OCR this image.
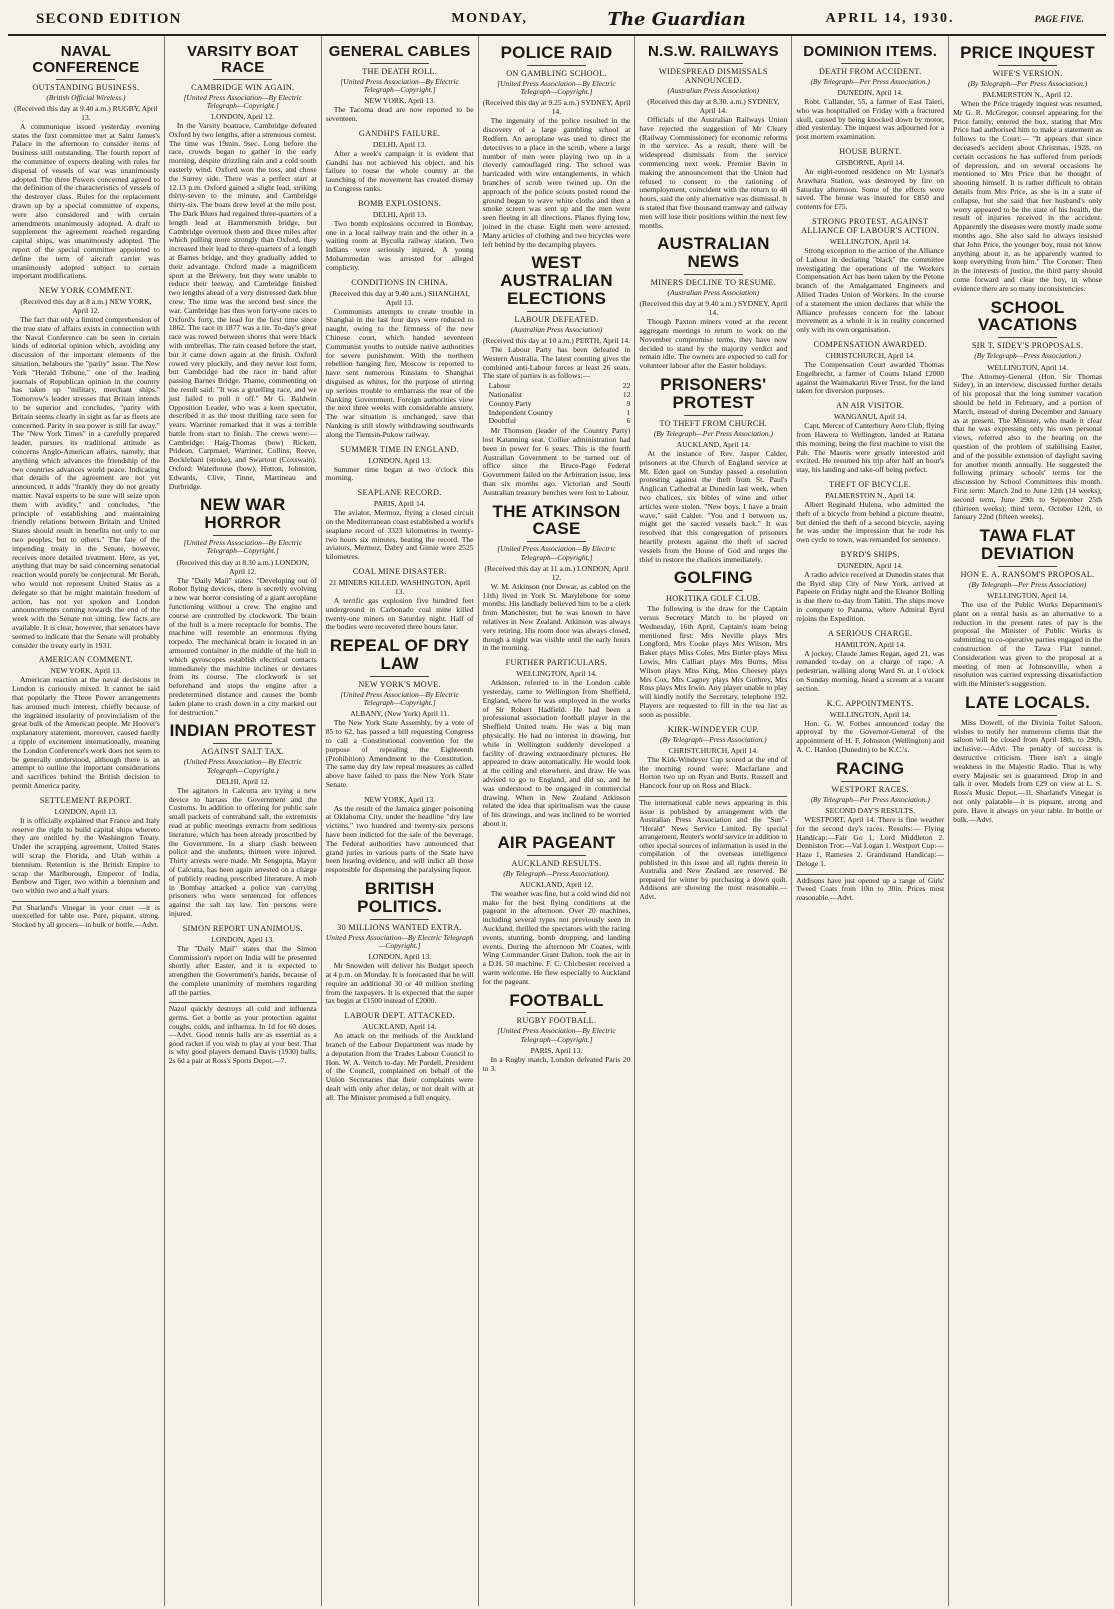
SECOND EDITION	MONDAY,	The Guardian	APRIL 14, 1930.	PAGE FIVE.
NAVAL CONFERENCE
OUTSTANDING BUSINESS.
(British Official Wireless.)
(Received this day at 9.40 a.m.) RUGBY, April 13.

A communique issued yesterday evening states the first committee met at Saint James's Palace in the afternoon to consider items of business still outstanding. The fourth report of the committee of experts dealing with rules for disposal of vessels of war was unanimously adopted. The three Powers concerned agreed to the definition of the characteristics of vessels of the destroyer class. Rules for the replacement drawn up by a special committee of experts, were also considered and with certain amendments unanimously adopted. A draft to supplement the agreement reached regarding capital ships, was unanimously adopted. The report of the special committee appointed to define the term of aircraft carrier was unanimously adopted subject to certain important modifications.

NEW YORK COMMENT.
(Received this day at 8 a.m.) NEW YORK, April 12.

The fact that only a limited comprehension of the true state of affairs exists in connection with the Naval Conference can be seen in certain kinds of editorial opinion which, avoiding any discussion of the important elements of the situation, belabours the "parity" issue. The New York "Herald Tribune," one of the leading journals of Republican opinion in the country has taken up "military, merchant ships." Tomorrow's leader stresses that Britain intends to be superior and concludes, "parity with Britain seems clearly in sight as far as fleets are concerned. Parity in sea power is still far away." The "New York Times" in a carefully prepared leader, pursues its traditional attitude as concerns Anglo-American affairs, namely, that anything which advances the friendship of the two countries advances world peace. Indicating that details of the agreement are not yet announced, it adds "frankly they do not greatly matter. Naval experts to be sure will seize upon them with avidity," and concludes, "the principle of establishing and maintaining friendly relations between Britain and United States should result in benefits not only to our two peoples, but to others." The fate of the impending treaty in the Senate, however, receives more detailed treatment. Here, as yet, anything that may be said concerning senatorial reaction would purely be conjectural. Mr Borah, who would not represent United States as a delegate so that he might maintain freedom of action, has not yet spoken and London announcements coming towards the end of the week with the Senate not sitting, few facts are available. It is clear, however, that senators have seemed to indicate that the Senate will probably consider the treaty early in 1931.

AMERICAN COMMENT.
NEW YORK, April 13.

American reaction at the naval decisions in London is curiously mixed. It cannot be said that popularly the Three Power arrangements has aroused much interest, chiefly because of the ingrained insularity of provincialism of the great bulk of the American people. Mr Hoover's explanatory statement, moreover, caused hardly a ripple of excitement internationally, meaning the London Conference's work does not seem to be generally understood, although there is an attempt to outline the important considerations and sacrifices behind the British decision to permit America parity.

SETTLEMENT REPORT.
LONDON, April 13.

It is officially explained that France and Italy reserve the right to build capital ships whereto they are entitled by the Washington Treaty. Under the scrapping agreement, United States will scrap the Florida, and Utah within a biennium. Retention is the British Empire to scrap the Marlborough, Emperor of India, Benbow and Tiger, two within a biennium and two within two and a half years.

Put Sharland's Vinegar in your cruet —it is unexcelled for table use. Pure, piquant, strong. Stocked by all grocers—in bulk or bottle.—Advt.
VARSITY BOAT RACE
CAMBRIDGE WIN AGAIN.
[United Press Association—By Electric Telegraph—Copyright.]
LONDON, April 12.

In the Varsity boatrace, Cambridge defeated Oxford by two lengths, after a strenuous contest. The time was 19min. 9sec. Long before the race, crowds began to gather in the early morning, despite drizzling rain and a cold south easterly wind. Oxford won the toss, and chose the Surrey side. There was a perfect start at 12.13 p.m. Oxford gained a slight lead, striking thirty-seven to the minute, and Cambridge thirty-six. The boats drew level at the mile post. The Dark Blues had regained three-quarters of a length lead at Hammersmith bridge, but Cambridge overtook them and three miles after which pulling more strongly than Oxford, they increased their lead to three-quarters of a length at Barnes bridge, and they gradually added to their advantage. Oxford made a magnificent spurt at the Brewery, but they were unable to reduce their leeway, and Cambridge finished two lengths ahead of a very distressed dark blue crew. The time was the second best since the war. Cambridge has thus won forty-one races to Oxford's forty, the lead for the first time since 1862. The race in 1877 was a tie. To-day's great race was rowed between shores that were black with umbrellas. The rain ceased before the start, but it came down again at the finish. Oxford rowed very pluckily, and they never lost form, but Cambridge had the race in hand after passing Barnes Bridge. Thame, commenting on the result said: "It was a gruelling race, and we just failed to pull it off." Mr G. Baldwin Opposition Leader, who was a keen spectator, described it as the most thrilling race seen for years. Warriner remarked that it was a terrible battle from start to finish. The crews were:— Cambridge: Haig-Thomas (bow) Rickett, Pridean, Carpmael, Warriner, Collins, Reeve, Bocklebani (stroke), and Swartout (Coxswain). Oxford: Waterhouse (bow), Hutton, Johnston, Edwards, Clive, Tinne, Martineau and Durbridge.

NEW WAR HORROR
[United Press Association—By Electric Telegraph—Copyright.]
(Received this day at 8.30 a.m.) LONDON, April 12.

The "Daily Mail" states: "Developing out of Robot flying devices, there is secretly evolving a new war horror consisting of a giant aeroplane functioning without a crew. The engine and course are controlled by clockwork. The brain of the hull is a mere receptacle for bombs. The machine will resemble an enormous flying torpedo. The mechanical brain is located in an armoured container in the middle of the hull in which gyroscopes establish electrical contacts immediately the machine inclines or deviates from its course. The clockwork is set beforehand and stops the engine after a predetermined distance and causes the bomb laden plane to crash down in a city marked out for destruction."

INDIAN PROTEST
AGAINST SALT TAX.
(United Press Association—By Electric Telegraph—Copyright.)
DELHI, April 12.

The agitators in Calcutta are trying a new device to harrass the Government and the Customs. In addition to offering for public sale small packets of contraband salt, the extremists read at public meetings extracts from seditious literature, which has been already proscribed by the Government. In a sharp clash between police and the students, thirteen were injured. Thirty arrests were made. Mr Sengupta, Mayor of Calcutta, has been again arrested on a charge of publicly reading prescribed literature. A mob in Bombay attacked a police van carrying prisoners who were sentenced for offences against the salt tax law. Ten persons were injured.

SIMON REPORT UNANIMOUS.
LONDON, April 13.

The "Daily Mail" states that the Simon Commission's report on India will be presented shortly after Easter, and it is expected to strengthen the Government's hands, because of the complete unanimity of members regarding all the parties.

Nazol quickly destroys all cold and influenza germs. Get a bottle as your protection against coughs, colds, and influenza. In 1d for 60 doses.—Advt. Good tennis balls are as essential as a good racket if you wish to play at your best. That is why good players demand Davis (1930) balls, 2s 6d a pair at Ross's Sports Depot.—7.
GENERAL CABLES
THE DEATH ROLL.
[United Press Association—By Electric Telegraph—Copyright.]
NEW YORK, April 13.

The Tacoma dead are now reported to be seventeen.

GANDHI'S FAILURE.
DELHI, April 13.

After a week's campaign it is evident that Gandhi has not achieved his object, and his failure to rouse the whole country at the launching of the movement has created dismay in Congress ranks.

BOMB EXPLOSIONS.
DELHI, April 13.

Two bomb explosions occurred in Bombay, one in a local railway train and the other in a waiting room at Byculla railway station. Two Indians were seriously injured. A young Mohammedan was arrested for alleged complicity.

CONDITIONS IN CHINA.
(Received this day at 9.40 a.m.) SHANGHAI, April 13.

Communists attempts to create trouble in Shanghai in the last four days were reduced to naught, owing to the firmness of the new Chinese court, which handed seventeen Communist youths to outside native authorities for severe punishment. With the northern rebellion hanging fire, Moscow is reported to have sent numerous Russians to Shanghai disguised as whites, for the purpose of stirring up serious trouble to embarrass the rear of the Nanking Government. Foreign authorities view the next three weeks with considerable anxiety. The war situation is unchanged, save that Nanking is still slowly withdrawing southwards along the Tientsin-Pukow railway.

SUMMER TIME IN ENGLAND.
LONDON, April 13.

Summer time began at two o'clock this morning.

SEAPLANE RECORD.
PARIS, April 14.

The aviator, Mermoz, flying a closed circuit on the Mediterranean coast established a world's seaplane record of 3323 kilometres in twenty-two hours six minutes, beating the record. The aviators, Mermoz, Dabry and Gimie were 2525 kilometres.

COAL MINE DISASTER.
21 MINERS KILLED. WASHINGTON, April 13.

A terrific gas explosion five hundred feet underground in Carbonado coal mine killed twenty-one miners on Saturday night. Half of the bodies were recovered three hours later.

REPEAL OF DRY LAW
NEW YORK'S MOVE.
[United Press Association—By Electric Telegraph—Copyright.]
ALBANY, (New York) April 11.

The New York State Assembly, by a vote of 85 to 62, has passed a bill requesting Congress to call a Constitutional convention for the purpose of repealing the Eighteenth (Prohibition) Amendment to the Constitution. The same day dry law repeal measures as called above have failed to pass the New York State Senate.

NEW YORK, April 13.

As the result of the Jamaica ginger poisoning at Oklahoma City, under the headline "dry law victims," two hundred and twenty-six persons have been indicted for the sale of the beverage. The Federal authorities have announced that grand juries in various parts of the State have been hearing evidence, and will indict all those responsible for dispensing the paralysing liquor.

BRITISH POLITICS.
30 MILLIONS WANTED EXTRA.
United Press Association—By Electric Telegraph—Copyright.]
LONDON, April 13.

Mr Snowden will deliver his Budget speech at 4 p.m. on Monday. It is forecasted that he will require an additional 30 or 40 million sterling from the taxpayers. It is expected that the super tax begin at £1500 instead of £2000.

LABOUR DEPT. ATTACKED.
AUCKLAND, April 14.

An attack on the methods of the Auckland branch of the Labour Department was made by a deputation from the Trades Labour Council to Hon. W. A. Veitch to-day. Mr Purdell, President of the Council, complained on behalf of the Union Secretaries that their complaints were dealt with only after delay, or not dealt with at all. The Minister promised a full enquiry.

POLICE RAID
ON GAMBLING SCHOOL.
[United Press Association—By Electric Telegraph—Copyright.]
(Received this day at 9.25 a.m.) SYDNEY, April 14.

The ingenuity of the police resulted in the discovery of a large gambling school at Redfern. An aeroplane was used to direct the detectives to a place in the scrub, where a large number of men were playing two up in a cleverly camouflaged ring. The school was barricaded with wire entanglements, in which branches of scrub were twined up. On the approach of the police scouts posted round the ground began to wave white cloths and then a smoke screen was sent up and the men were seen fleeing in all directions. Planes flying low, joined in the chase. Eight men were arrested. Many articles of clothing and two bicycles were left behind by the decamping players.

WEST AUSTRALIAN ELECTIONS
LABOUR DEFEATED.
(Australian Press Association)
(Received this day at 10 a.m.) PERTH, April 14.

The Labour Party has been defeated in Western Australia. The latest counting gives the combined anti-Labour forces at least 26 seats. The state of parties is as follows:—

Labour	22
Nationalist	12
Country Party	9
Independent Country	1
Doubtful	6

Mr Thomson (leader of the Country Party) lost Katanning seat. Collier administration had been in power for 6 years. This is the fourth Australian Government to be turned out of office since the Bruce-Page Federal Government failed on the Arbitration issue, less than six months ago. Victorian and South Australian treasury benches were lost to Labour.

THE ATKINSON CASE
[United Press Association—By Electric Telegraph—Copyright.]
(Received this day at 11 a.m.) LONDON, April 12.

W. M. Atkinson (not Dewar, as cabled on the 11th) lived in York St. Marylebone for some months. His landlady believed him to be a clerk from Manchester, but he was known to have relatives in New Zealand. Atkinson was always very retiring. His room door was always closed, though a night was visible until the early hours in the morning.

FURTHER PARTICULARS.
WELLINGTON, April 14.

Atkinson, referred to in the London cable yesterday, came to Wellington from Sheffield, England, where he was employed in the works of Sir Robert Hadfield. He had been a professional association football player in the Sheffield United team. He was a big man physically. He had no interest in drawing, but while in Wellington suddenly developed a facility of drawing extraordinary pictures. He appeared to draw automatically. He would look at the ceiling and elsewhere, and draw. He was advised to go to England, and did so, and he was understood to be engaged in commercial drawing. When in New Zealand Atkinson related the idea that spiritualism was the cause of his drawings, and was inclined to be worried about it.

AIR PAGEANT
AUCKLAND RESULTS.
(By Telegraph—Press Association).
AUCKLAND, April 12.

The weather was fine, but a cold wind did not make for the best flying conditions at the pageant in the afternoon. Over 20 machines, including several types not previously seen in Auckland, thrilled the spectators with the racing events, stunting, bomb dropping, and landing events. During the afternoon Mr Coates, with Wing Commander Grant Dalton, took the air in a D.H. 50 machine. F. C. Chichester received a warm welcome. He flew especially to Auckland for the pageant.

FOOTBALL
RUGBY FOOTBALL.
[United Press Association—By Electric Telegraph—Copyright.]
PARIS, April 13.

In a Rugby match, London defeated Paris 20 to 3.

N.S.W. RAILWAYS
WIDESPREAD DISMISSALS ANNOUNCED.
(Australian Press Association)
(Received this day at 8.30. a.m.) SYDNEY, April 14.

Officials of the Australian Railways Union have rejected the suggestion of Mr Cleary (Railway Commissioner) for economic reforms in the service. As a result, there will be widespread dismissals from the service commencing next week. Premier Bavin in making the announcement that the Union had refused to consent to the rationing of unemployment, coincident with the return to 48 hours, said the only alternative was dismissal. It is stated that five thousand tramway and railway men will lose their positions within the next few months.

AUSTRALIAN NEWS
MINERS DECLINE TO RESUME.
(Australian Press Association)
(Received this day at 9.40 a.m.) SYDNEY, April 14.

Though Paxton miners voted at the recent aggregate meetings to return to work on the November compromise terms, they have now decided to stand by the majority verdict and remain idle. The owners are expected to call for volunteer labour after the Easter holidays.

PRISONERS' PROTEST
TO THEFT FROM CHURCH.
(By Telegraph—Per Press Association.)
AUCKLAND, April 14.

At the instance of Rev. Jasper Calder, prisoners at the Church of England service at Mt. Eden gaol on Sunday passed a resolution protesting against the theft from St. Paul's Anglican Cathedral at Dunedin last week, when two chalices, six bibles of wine and other articles were stolen. "New boys, I have a brain wave," said Calder. "You and I between us, might get the sacred vessels back." It was resolved that this congregation of prisoners heartily protests against the theft of sacred vessels from the House of God and urges the thief to restore the chalices immediately.

GOLFING
HOKITIKA GOLF CLUB.

The following is the draw for the Captain versus Secretary Match to be played on Wednesday, 16th April, Captain's team being mentioned first: Mrs Neville plays Mrs Longford, Mrs Cooke plays Mrs Wilson, Mrs Baker plays Miss Coles, Mrs Butler plays Miss Lewis, Mrs Calliari plays Mrs Burns, Miss Wilson plays Miss King, Miss Cheesey plays Mrs Cox, Mrs Cagney plays Mrs Guthrey, Mrs Ross plays Mrs Irwin. Any player unable to play will kindly notify the Secretary, telephone 192. Players are requested to fill in the tea list as soon as possible.

KIRK-WINDEYER CUP.
(By Telegraph—Press Association.)
CHRISTCHURCH, April 14.

The Kirk-Windeyer Cup scored at the end of the morning round were: Macfarlane and Horton two up on Ryan and Butts. Russell and Hancock four up on Ross and Black.

The international cable news appearing in this issue is published by arrangement with the Australian Press Association and the "Sun"-"Herald" News Service Limited. By special arrangement, Reuter's world service in addition to other special sources of information is used in the compilation of the overseas intelligence published in this issue and all rights therein in Australia and New Zealand are reserved. Be prepared for winter by purchasing a down quilt. Addisons are showing the most reasonable.—Advt.
DOMINION ITEMS.
DEATH FROM ACCIDENT.
(By Telegraph—Per Press Association.)
DUNEDIN, April 14.

Robt. Callander, 55, a farmer of East Taieri, who was hospitalled on Friday with a fractured skull, caused by being knocked down by motor, died yesterday. The inquest was adjourned for a post mortem examination.

HOUSE BURNT.
GISBORNE, April 14.

An eight-roomed residence on Mr Lysnar's Arawhara Station, was destroyed by fire on Saturday afternoon. Some of the effects were saved. The house was insured for £850 and contents for £75.

STRONG PROTEST. AGAINST ALLIANCE OF LABOUR'S ACTION.
WELLINGTON, April 14.

Strong exception to the action of the Alliance of Labour in declaring "black" the committee investigating the operations of the Workers Compensation Act has been taken by the Petone branch of the Amalgamated Engineers and Allied Trades Union of Workers. In the course of a statement the union declares that while the Alliance professes concern for the labour movement as a whole it is in reality concerned only with its own organisation.

COMPENSATION AWARDED.
CHRISTCHURCH, April 14.

The Compensation Court awarded Thomas Engelbrecht, a farmer of Coutts Island £2000 against the Waimakariri River Trust, for the land taken for diversion purposes.

AN AIR VISITOR.
WANGANUI, April 14.

Capt. Mercer of Canterbury Aero Club, flying from Hawera to Wellington, landed at Ratana this morning, being the first machine to visit the Pah. The Maoris were greatly interested and excited. He resumed his trip after half an hour's stay, his landing and take-off being perfect.

THEFT OF BICYCLE.
PALMERSTON N., April 14.

Albert Reginald Hulena, who admitted the theft of a bicycle from behind a picture theatre, but denied the theft of a second bicycle, saying he was under the impression that he rode his own cycle to town, was remanded for sentence.

BYRD'S SHIPS.
DUNEDIN, April 14.

A radio advice received at Dunedin states that the Byrd ship City of New York, arrived at Papeete on Friday night and the Eleanor Bolling is due there to-day from Tahiti. The ships move in company to Panama, where Admiral Byrd rejoins the Expedition.

A SERIOUS CHARGE.
HAMILTON, April 14.

A jockey, Claude James Regan, aged 21, was remanded to-day on a charge of rape. A pedestrian, walking along Ward St. at 1 o'clock on Sunday morning, heard a scream at a vacant section.

K.C. APPOINTMENTS.
WELLINGTON, April 14.

Hon. G. W. Forbes announced today the approval by the Governor-General of the appointment of H. F. Johnston (Wellington) and A. C. Hanlon (Dunedin) to be K.C.'s.

RACING
WESTPORT RACES.
(By Telegraph—Per Press Association.)
SECOND DAY'S RESULTS.

WESTPORT, April 14. There is fine weather for the second day's races. Results:— Flying Handicap:—Fair Go 1, Lord Middleton 2. Denniston Trot:—Val Logan 1. Westport Cup:—Haze 1, Rameses 2. Grandstand Handicap:—Deloge 1.

Addisons have just opened up a range of Girls' Tweed Coats from 10in to 30in. Prices most reasonable.—Advt.
PRICE INQUEST
WIFE'S VERSION.
(By Telegraph—Per Press Association.)
PALMERSTON N., April 12.

When the Price tragedy inquest was resumed, Mr G. R. McGregor, counsel appearing for the Price family, entered the box, stating that Mrs Price had authorised him to make a statement as follows to the Court:— "It appears that since deceased's accident about Christmas, 1928, on certain occasions he has suffered from periods of depression, and on several occasions he mentioned to Mrs Price that he thought of shooting himself. It is rather difficult to obtain details from Mrs Price, as she is in a state of collapse, but she said that her husband's only worry appeared to be the state of his health, the result of injuries received in the accident. Apparently the diseases were mostly made some months ago. She also said he always insisted that John Price, the younger boy, must not know anything about it, as he apparently wanted to keep everything from him." The Coroner: Then in the interests of justice, the third party should come forward and clear the boy, in whose evidence there are so many inconsistencies.

SCHOOL VACATIONS
SIR T. SIDEY'S PROPOSALS.
(By Telegraph—Press Association.)
WELLINGTON, April 14.

The Attorney-General (Hon. Sir Thomas Sidey), in an interview, discussed further details of his proposal that the long summer vacation should be held in February, and a portion of March, instead of during December and January as at present. The Minister, who made it clear that he was expressing only his own personal views, referred also to the bearing on the question of the problem of stabilising Easter, and of the possible extension of daylight saving for another month annually. He suggested the following primary schools' terms for the discussion by School Committees this month. First term: March 2nd to June 12th (14 weeks); second term, June 29th to September 25th (thirteen weeks); third term, October 12th, to January 22nd (fifteen weeks).

TAWA FLAT DEVIATION
HON E. A. RANSOM'S PROPOSAL.
(By Telegraph—Per Press Association)
WELLINGTON, April 14.

The use of the Public Works Department's plant on a rental basis as an alternative to a reduction in the present rates of pay is the proposal the Minister of Public Works is submitting to co-operative parties engaged in the construction of the Tawa Flat tunnel. Consideration was given to the proposal at a meeting of men at Johnsonville, when a resolution was carried expressing dissatisfaction with the Minister's suggestion.

LATE LOCALS.

Miss Dowell, of the Divinia Toilet Saloon, wishes to notify her numerous clients that the saloon will be closed from April 18th, to 29th, inclusive.—Advt. The penalty of success is destructive criticism. There isn't a single weakness in the Majestic Radio. That is why every Majestic set is guaranteed. Drop in and talk it over. Models from £29 on view at L. S. Ross's Music Depot.—1l. Sharland's Vinegar is not only palatable—it is piquant, strong and pure. Have it always on your table. In bottle or bulk.—Advt.
